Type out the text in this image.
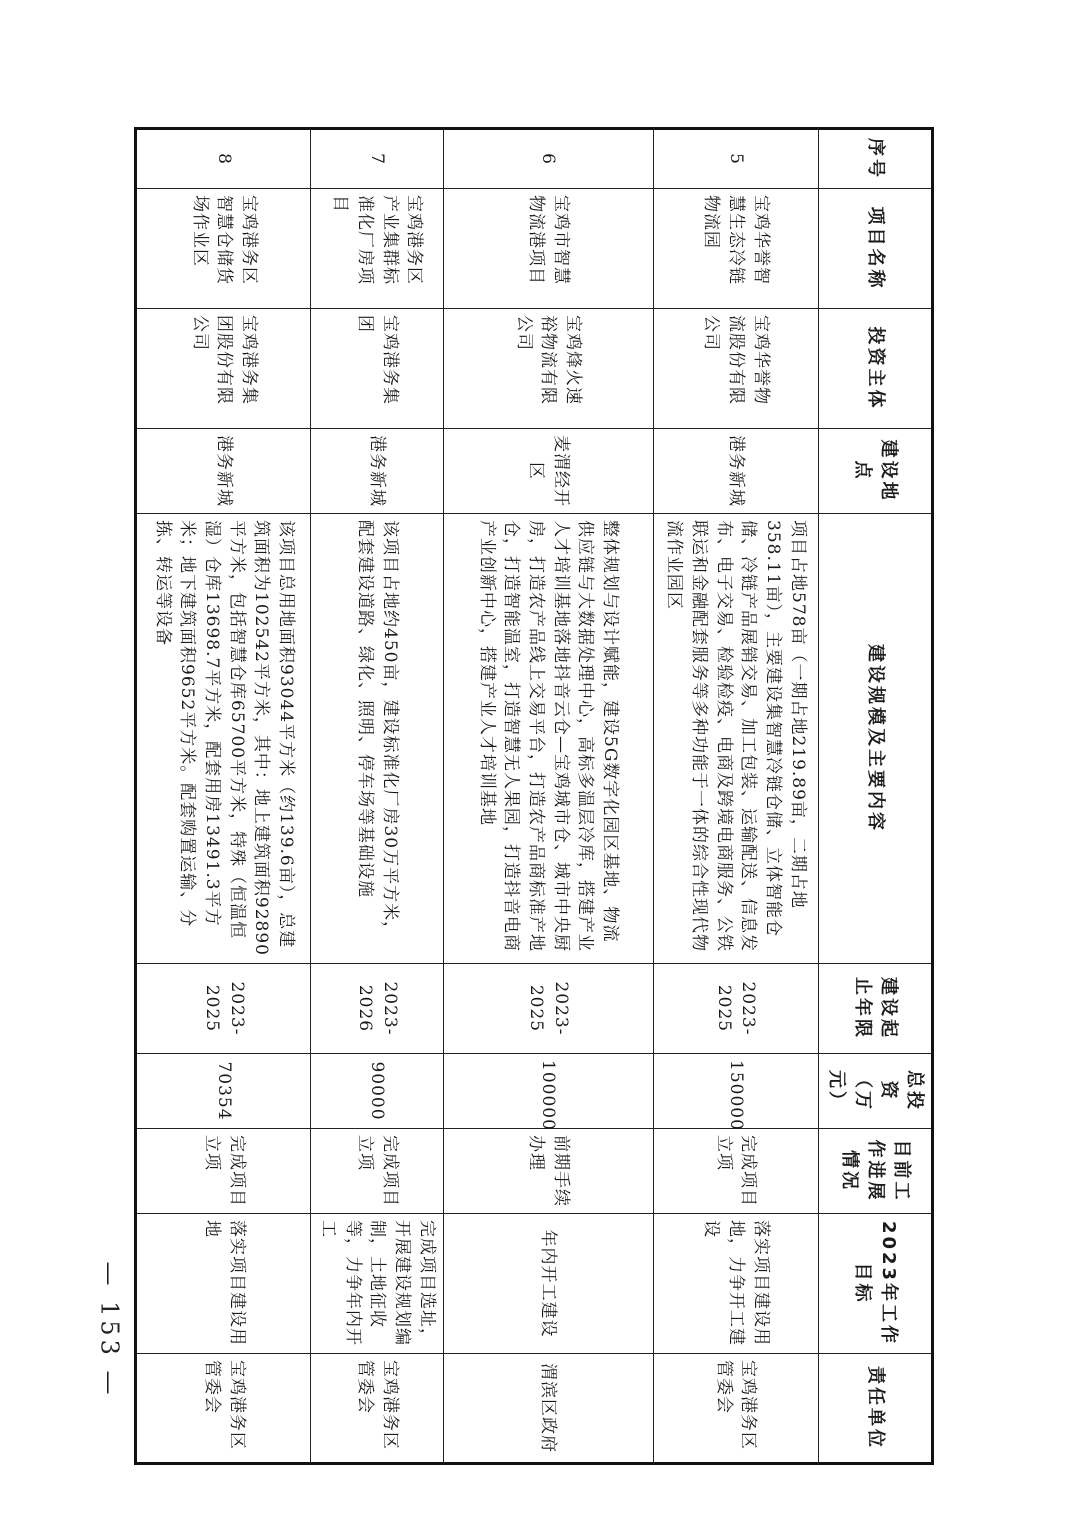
序号	项目名称	投资主体	建设地点	建设规模及主要内容	建设起止年限	总投资（万元）	目前工作进展情况	2023年工作目标	责任单位
5	宝鸡华誉智慧生态冷链物流园	宝鸡华誉物流股份有限公司	港务新城	项目占地578亩（一期占地219.89亩，二期占地358.11亩），主要建设集智慧冷链仓储、立体智能仓储、冷链产品展销交易、加工包装、运输配送、信息发布、电子交易、检验检疫、电商及跨境电商服务、公铁联运和金融配套服务等多种功能于一体的综合性现代物流作业园区	2023-2025	150000	完成项目立项	落实项目建设用地，力争开工建设	宝鸡港务区管委会
6	宝鸡市智慧物流港项目	宝鸡烽火速裕物流有限公司	麦渭经开区	整体规划与设计赋能，建设5G数字化园区基地、物流供应链与大数据处理中心，高标多温层冷库，搭建产业人才培训基地落地抖音云仓—宝鸡城市仓、城市中央厨房，打造农产品线上交易平台，打造农产品商标准产地仓，打造智能温室，打造智慧无人果园，打造抖音电商产业创新中心，搭建产业人才培训基地	2023-2025	100000	前期手续办理	年内开工建设	渭滨区政府
7	宝鸡港务区产业集群标准化厂房项目	宝鸡港务集团	港务新城	该项目占地约450亩，建设标准化厂房30万平方米，配套建设道路、绿化、照明、停车场等基础设施	2023-2026	90000	完成项目立项	完成项目选址，开展建设规划编制，土地征收等，力争年内开工	宝鸡港务区管委会
8	宝鸡港务区智慧仓储货场作业区	宝鸡港务集团股份有限公司	港务新城	该项目总用地面积93044平方米（约139.6亩），总建筑面积为102542平方米，其中：地上建筑面积92890平方米，包括智慧仓库65700平方米，特殊（恒温恒湿）仓库13698.7平方米，配套用房13491.3平方米；地下建筑面积9652平方米。配套购置运输、分拣、转运等设备	2023-2025	70354	完成项目立项	落实项目建设用地	宝鸡港务区管委会
— 153 —
